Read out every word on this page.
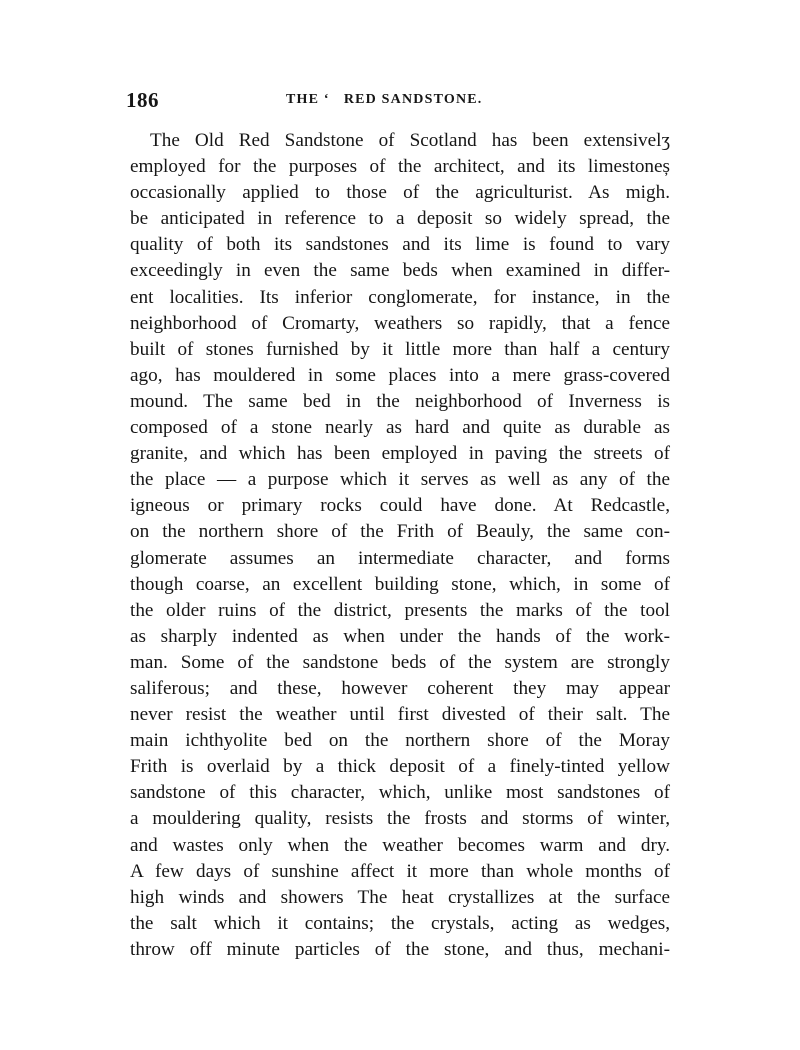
186	THE ʻ   RED SANDSTONE.
The Old Red Sandstone of Scotland has been extensivelʒ
employed for the purposes of the architect, and its limestoneș
occasionally applied to those of the agriculturist. As migh.
be anticipated in reference to a deposit so widely spread, the
quality of both its sandstones and its lime is found to vary
exceedingly in even the same beds when examined in differ-
ent localities. Its inferior conglomerate, for instance, in the
neighborhood of Cromarty, weathers so rapidly, that a fence
built of stones furnished by it little more than half a century
ago, has mouldered in some places into a mere grass-covered
mound. The same bed in the neighborhood of Inverness is
composed of a stone nearly as hard and quite as durable as
granite, and which has been employed in paving the streets of
the place — a purpose which it serves as well as any of the
igneous or primary rocks could have done. At Redcastle,
on the northern shore of the Frith of Beauly, the same con-
glomerate assumes an intermediate character, and forms
though coarse, an excellent building stone, which, in some of
the older ruins of the district, presents the marks of the tool
as sharply indented as when under the hands of the work-
man. Some of the sandstone beds of the system are strongly
saliferous; and these, however coherent they may appear
never resist the weather until first divested of their salt. The
main ichthyolite bed on the northern shore of the Moray
Frith is overlaid by a thick deposit of a finely-tinted yellow
sandstone of this character, which, unlike most sandstones of
a mouldering quality, resists the frosts and storms of winter,
and wastes only when the weather becomes warm and dry.
A few days of sunshine affect it more than whole months of
high winds and showers The heat crystallizes at the surface
the salt which it contains; the crystals, acting as wedges,
throw off minute particles of the stone, and thus, mechani-
